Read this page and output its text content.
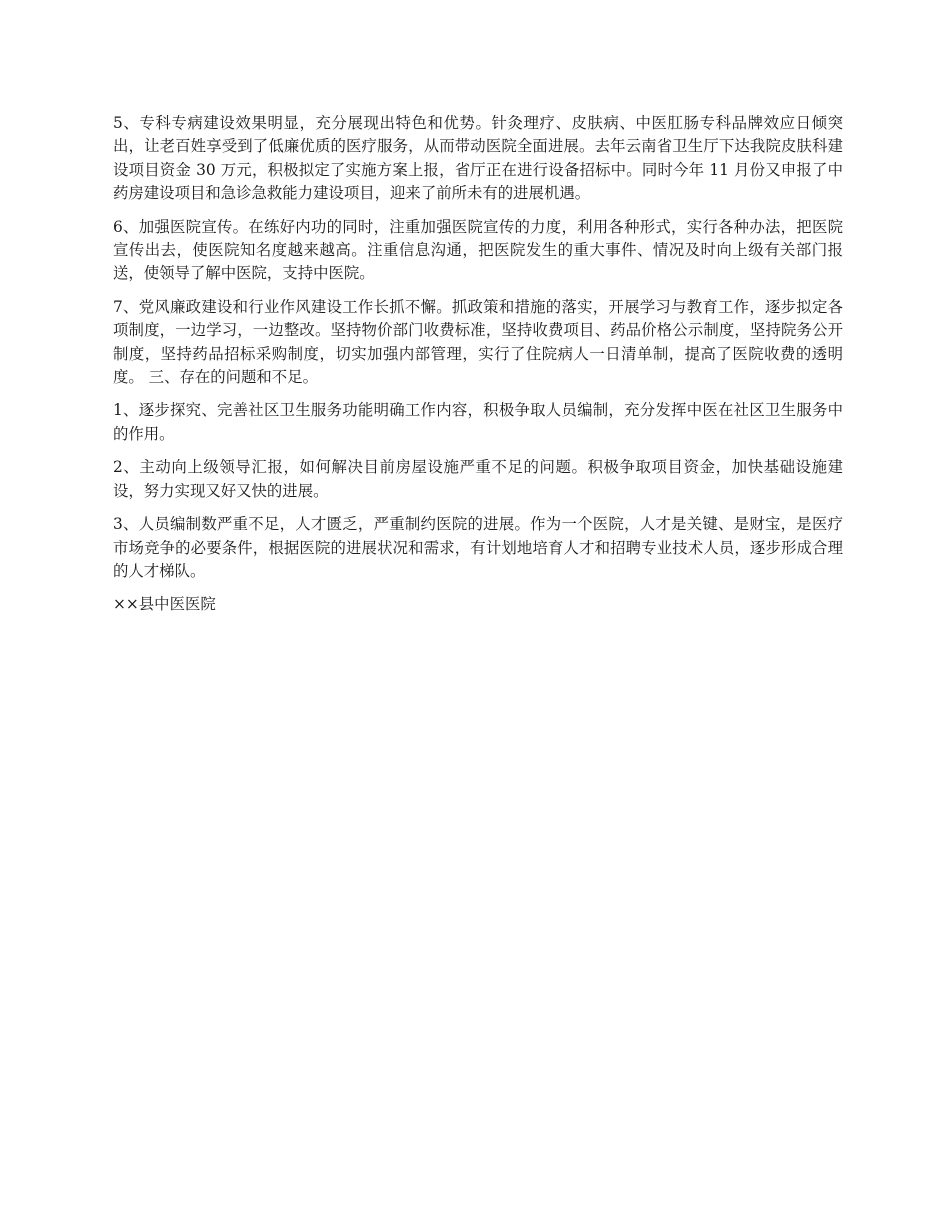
5、专科专病建设效果明显，充分展现出特色和优势。针灸理疗、皮肤病、中医肛肠专科品牌效应日倾突出，让老百姓享受到了低廉优质的医疗服务，从而带动医院全面进展。去年云南省卫生厅下达我院皮肤科建设项目资金 30 万元，积极拟定了实施方案上报，省厅正在进行设备招标中。同时今年 11 月份又申报了中药房建设项目和急诊急救能力建设项目，迎来了前所未有的进展机遇。

6、加强医院宣传。在练好内功的同时，注重加强医院宣传的力度，利用各种形式，实行各种办法，把医院宣传出去，使医院知名度越来越高。注重信息沟通，把医院发生的重大事件、情况及时向上级有关部门报送，使领导了解中医院，支持中医院。

7、党风廉政建设和行业作风建设工作长抓不懈。抓政策和措施的落实，开展学习与教育工作，逐步拟定各项制度，一边学习，一边整改。坚持物价部门收费标准，坚持收费项目、药品价格公示制度，坚持院务公开制度，坚持药品招标采购制度，切实加强内部管理，实行了住院病人一日清单制，提高了医院收费的透明度。 三、存在的问题和不足。

1、逐步探究、完善社区卫生服务功能明确工作内容，积极争取人员编制，充分发挥中医在社区卫生服务中的作用。

2、主动向上级领导汇报，如何解决目前房屋设施严重不足的问题。积极争取项目资金，加快基础设施建设，努力实现又好又快的进展。

3、人员编制数严重不足，人才匮乏，严重制约医院的进展。作为一个医院，人才是关键、是财宝，是医疗市场竞争的必要条件，根据医院的进展状况和需求，有计划地培育人才和招聘专业技术人员，逐步形成合理的人才梯队。

××县中医医院
